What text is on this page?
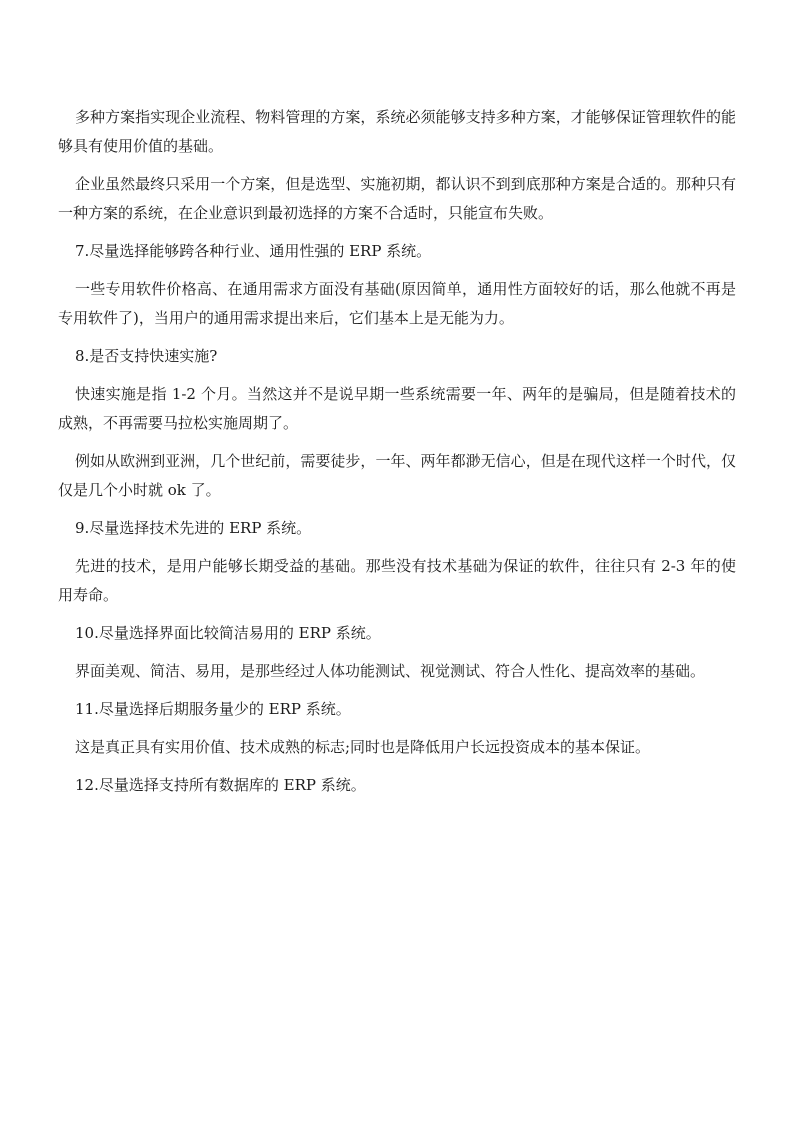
多种方案指实现企业流程、物料管理的方案，系统必须能够支持多种方案，才能够保证管理软件的能够具有使用价值的基础。

企业虽然最终只采用一个方案，但是选型、实施初期，都认识不到到底那种方案是合适的。那种只有一种方案的系统，在企业意识到最初选择的方案不合适时，只能宣布失败。

7.尽量选择能够跨各种行业、通用性强的 ERP 系统。

一些专用软件价格高、在通用需求方面没有基础(原因简单，通用性方面较好的话，那么他就不再是专用软件了)，当用户的通用需求提出来后，它们基本上是无能为力。

8.是否支持快速实施?

快速实施是指 1-2 个月。当然这并不是说早期一些系统需要一年、两年的是骗局，但是随着技术的成熟，不再需要马拉松实施周期了。

例如从欧洲到亚洲，几个世纪前，需要徒步，一年、两年都渺无信心，但是在现代这样一个时代，仅仅是几个小时就 ok 了。

9.尽量选择技术先进的 ERP 系统。

先进的技术，是用户能够长期受益的基础。那些没有技术基础为保证的软件，往往只有 2-3 年的使用寿命。

10.尽量选择界面比较简洁易用的 ERP 系统。

界面美观、简洁、易用，是那些经过人体功能测试、视觉测试、符合人性化、提高效率的基础。

11.尽量选择后期服务量少的 ERP 系统。

这是真正具有实用价值、技术成熟的标志;同时也是降低用户长远投资成本的基本保证。

12.尽量选择支持所有数据库的 ERP 系统。
